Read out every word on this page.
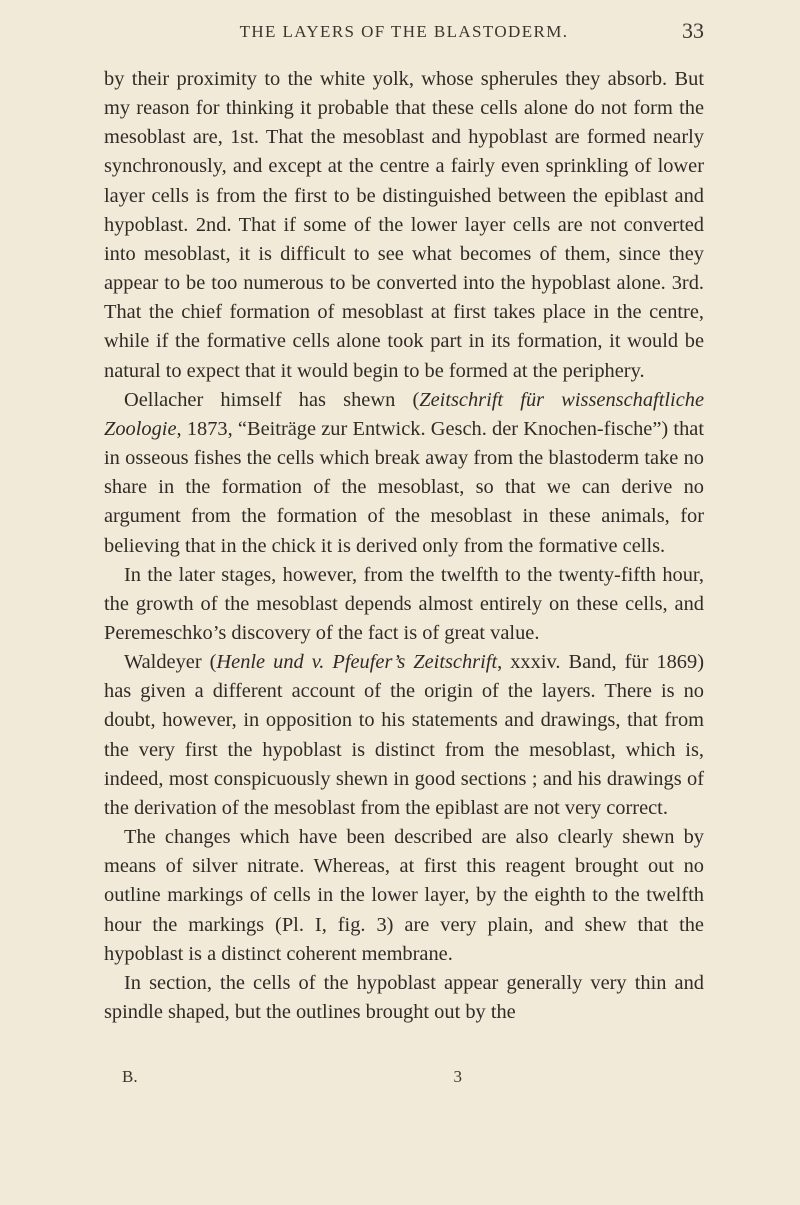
THE LAYERS OF THE BLASTODERM.	33

by their proximity to the white yolk, whose spherules they absorb. But my reason for thinking it probable that these cells alone do not form the mesoblast are, 1st. That the mesoblast and hypoblast are formed nearly synchronously, and except at the centre a fairly even sprinkling of lower layer cells is from the first to be distinguished between the epiblast and hypoblast. 2nd. That if some of the lower layer cells are not converted into mesoblast, it is difficult to see what becomes of them, since they appear to be too numerous to be converted into the hypoblast alone. 3rd. That the chief formation of mesoblast at first takes place in the centre, while if the formative cells alone took part in its formation, it would be natural to expect that it would begin to be formed at the periphery.

Oellacher himself has shewn (Zeitschrift für wissenschaftliche Zoologie, 1873, “Beiträge zur Entwick. Gesch. der Knochen-fische”) that in osseous fishes the cells which break away from the blastoderm take no share in the formation of the mesoblast, so that we can derive no argument from the formation of the mesoblast in these animals, for believing that in the chick it is derived only from the formative cells.

In the later stages, however, from the twelfth to the twenty-fifth hour, the growth of the mesoblast depends almost entirely on these cells, and Peremeschko’s discovery of the fact is of great value.

Waldeyer (Henle und v. Pfeufer’s Zeitschrift, xxxiv. Band, für 1869) has given a different account of the origin of the layers. There is no doubt, however, in opposition to his statements and drawings, that from the very first the hypoblast is distinct from the mesoblast, which is, indeed, most conspicuously shewn in good sections ; and his drawings of the derivation of the mesoblast from the epiblast are not very correct.

The changes which have been described are also clearly shewn by means of silver nitrate. Whereas, at first this reagent brought out no outline markings of cells in the lower layer, by the eighth to the twelfth hour the markings (Pl. I, fig. 3) are very plain, and shew that the hypoblast is a distinct coherent membrane.

In section, the cells of the hypoblast appear generally very thin and spindle shaped, but the outlines brought out by the

B.	3
